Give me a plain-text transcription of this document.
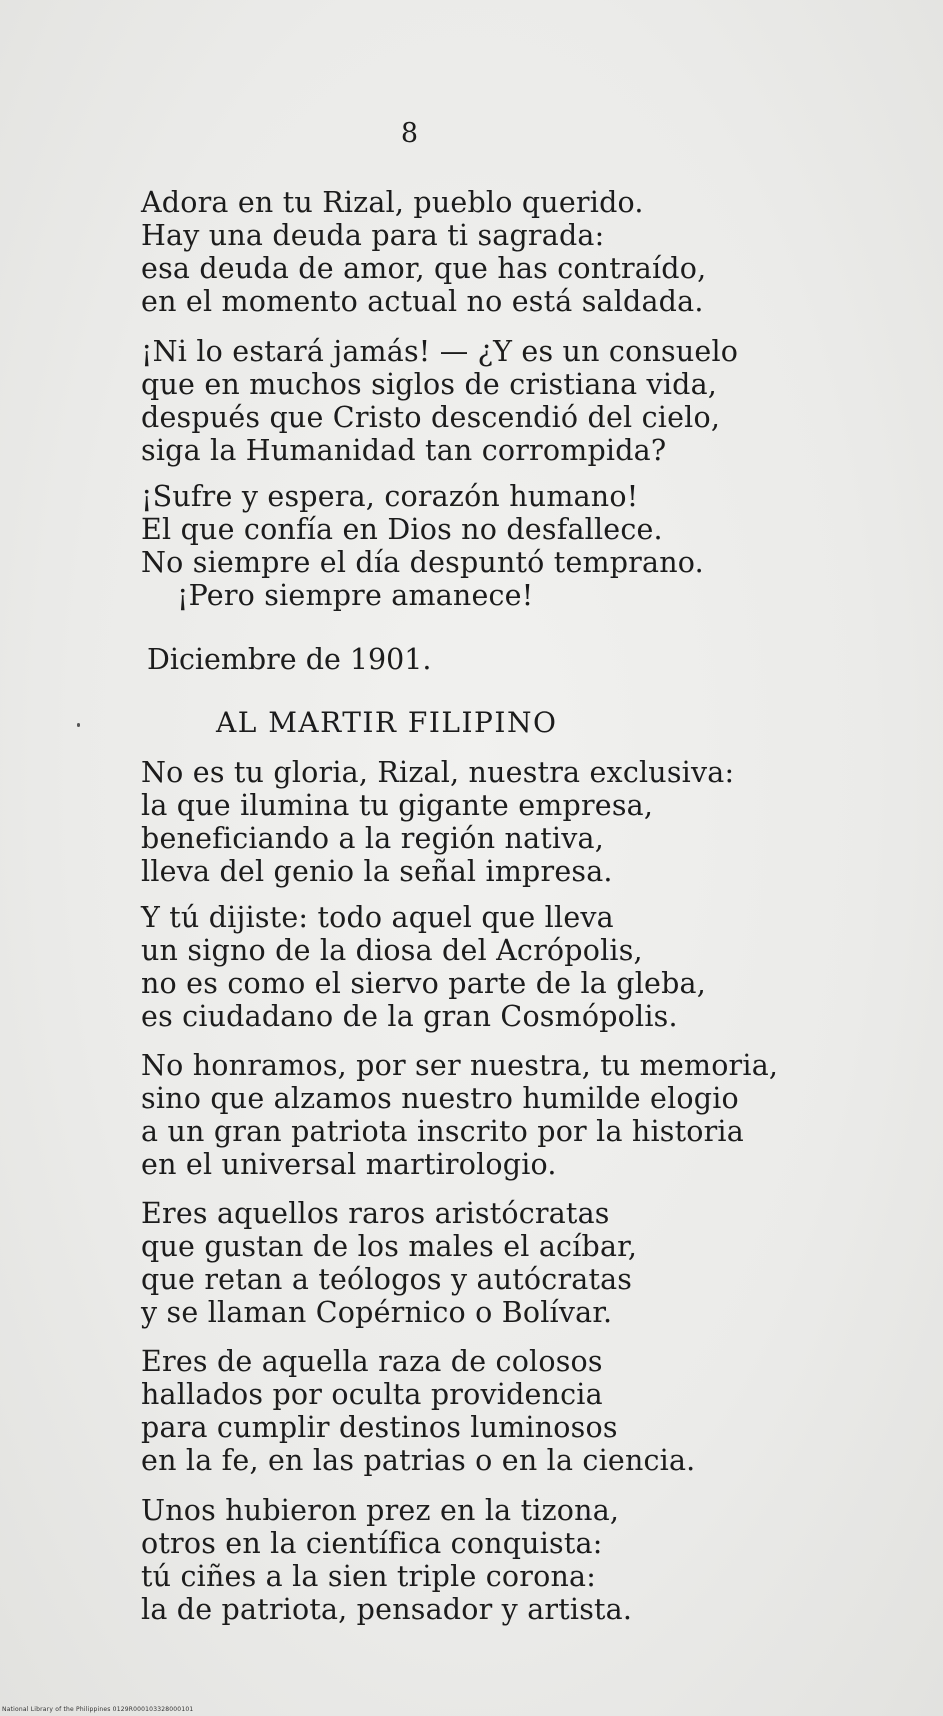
8
Adora en tu Rizal, pueblo querido.
Hay una deuda para ti sagrada:
esa deuda de amor, que has contraído,
en el momento actual no está saldada.
¡Ni lo estará jamás! — ¿Y es un consuelo
que en muchos siglos de cristiana vida,
después que Cristo descendió del cielo,
siga la Humanidad tan corrompida?
¡Sufre y espera, corazón humano!
El que confía en Dios no desfallece.
No siempre el día despuntó temprano.
¡Pero siempre amanece!
Diciembre de 1901.
AL MARTIR FILIPINO
No es tu gloria, Rizal, nuestra exclusiva:
la que ilumina tu gigante empresa,
beneficiando a la región nativa,
lleva del genio la señal impresa.
Y tú dijiste: todo aquel que lleva
un signo de la diosa del Acrópolis,
no es como el siervo parte de la gleba,
es ciudadano de la gran Cosmópolis.
No honramos, por ser nuestra, tu memoria,
sino que alzamos nuestro humilde elogio
a un gran patriota inscrito por la historia
en el universal martirologio.
Eres aquellos raros aristócratas
que gustan de los males el acíbar,
que retan a teólogos y autócratas
y se llaman Copérnico o Bolívar.
Eres de aquella raza de colosos
hallados por oculta providencia
para cumplir destinos luminosos
en la fe, en las patrias o en la ciencia.
Unos hubieron prez en la tizona,
otros en la científica conquista:
tú ciñes a la sien triple corona:
la de patriota, pensador y artista.
National Library of the Philippines 0129R000103328000101
